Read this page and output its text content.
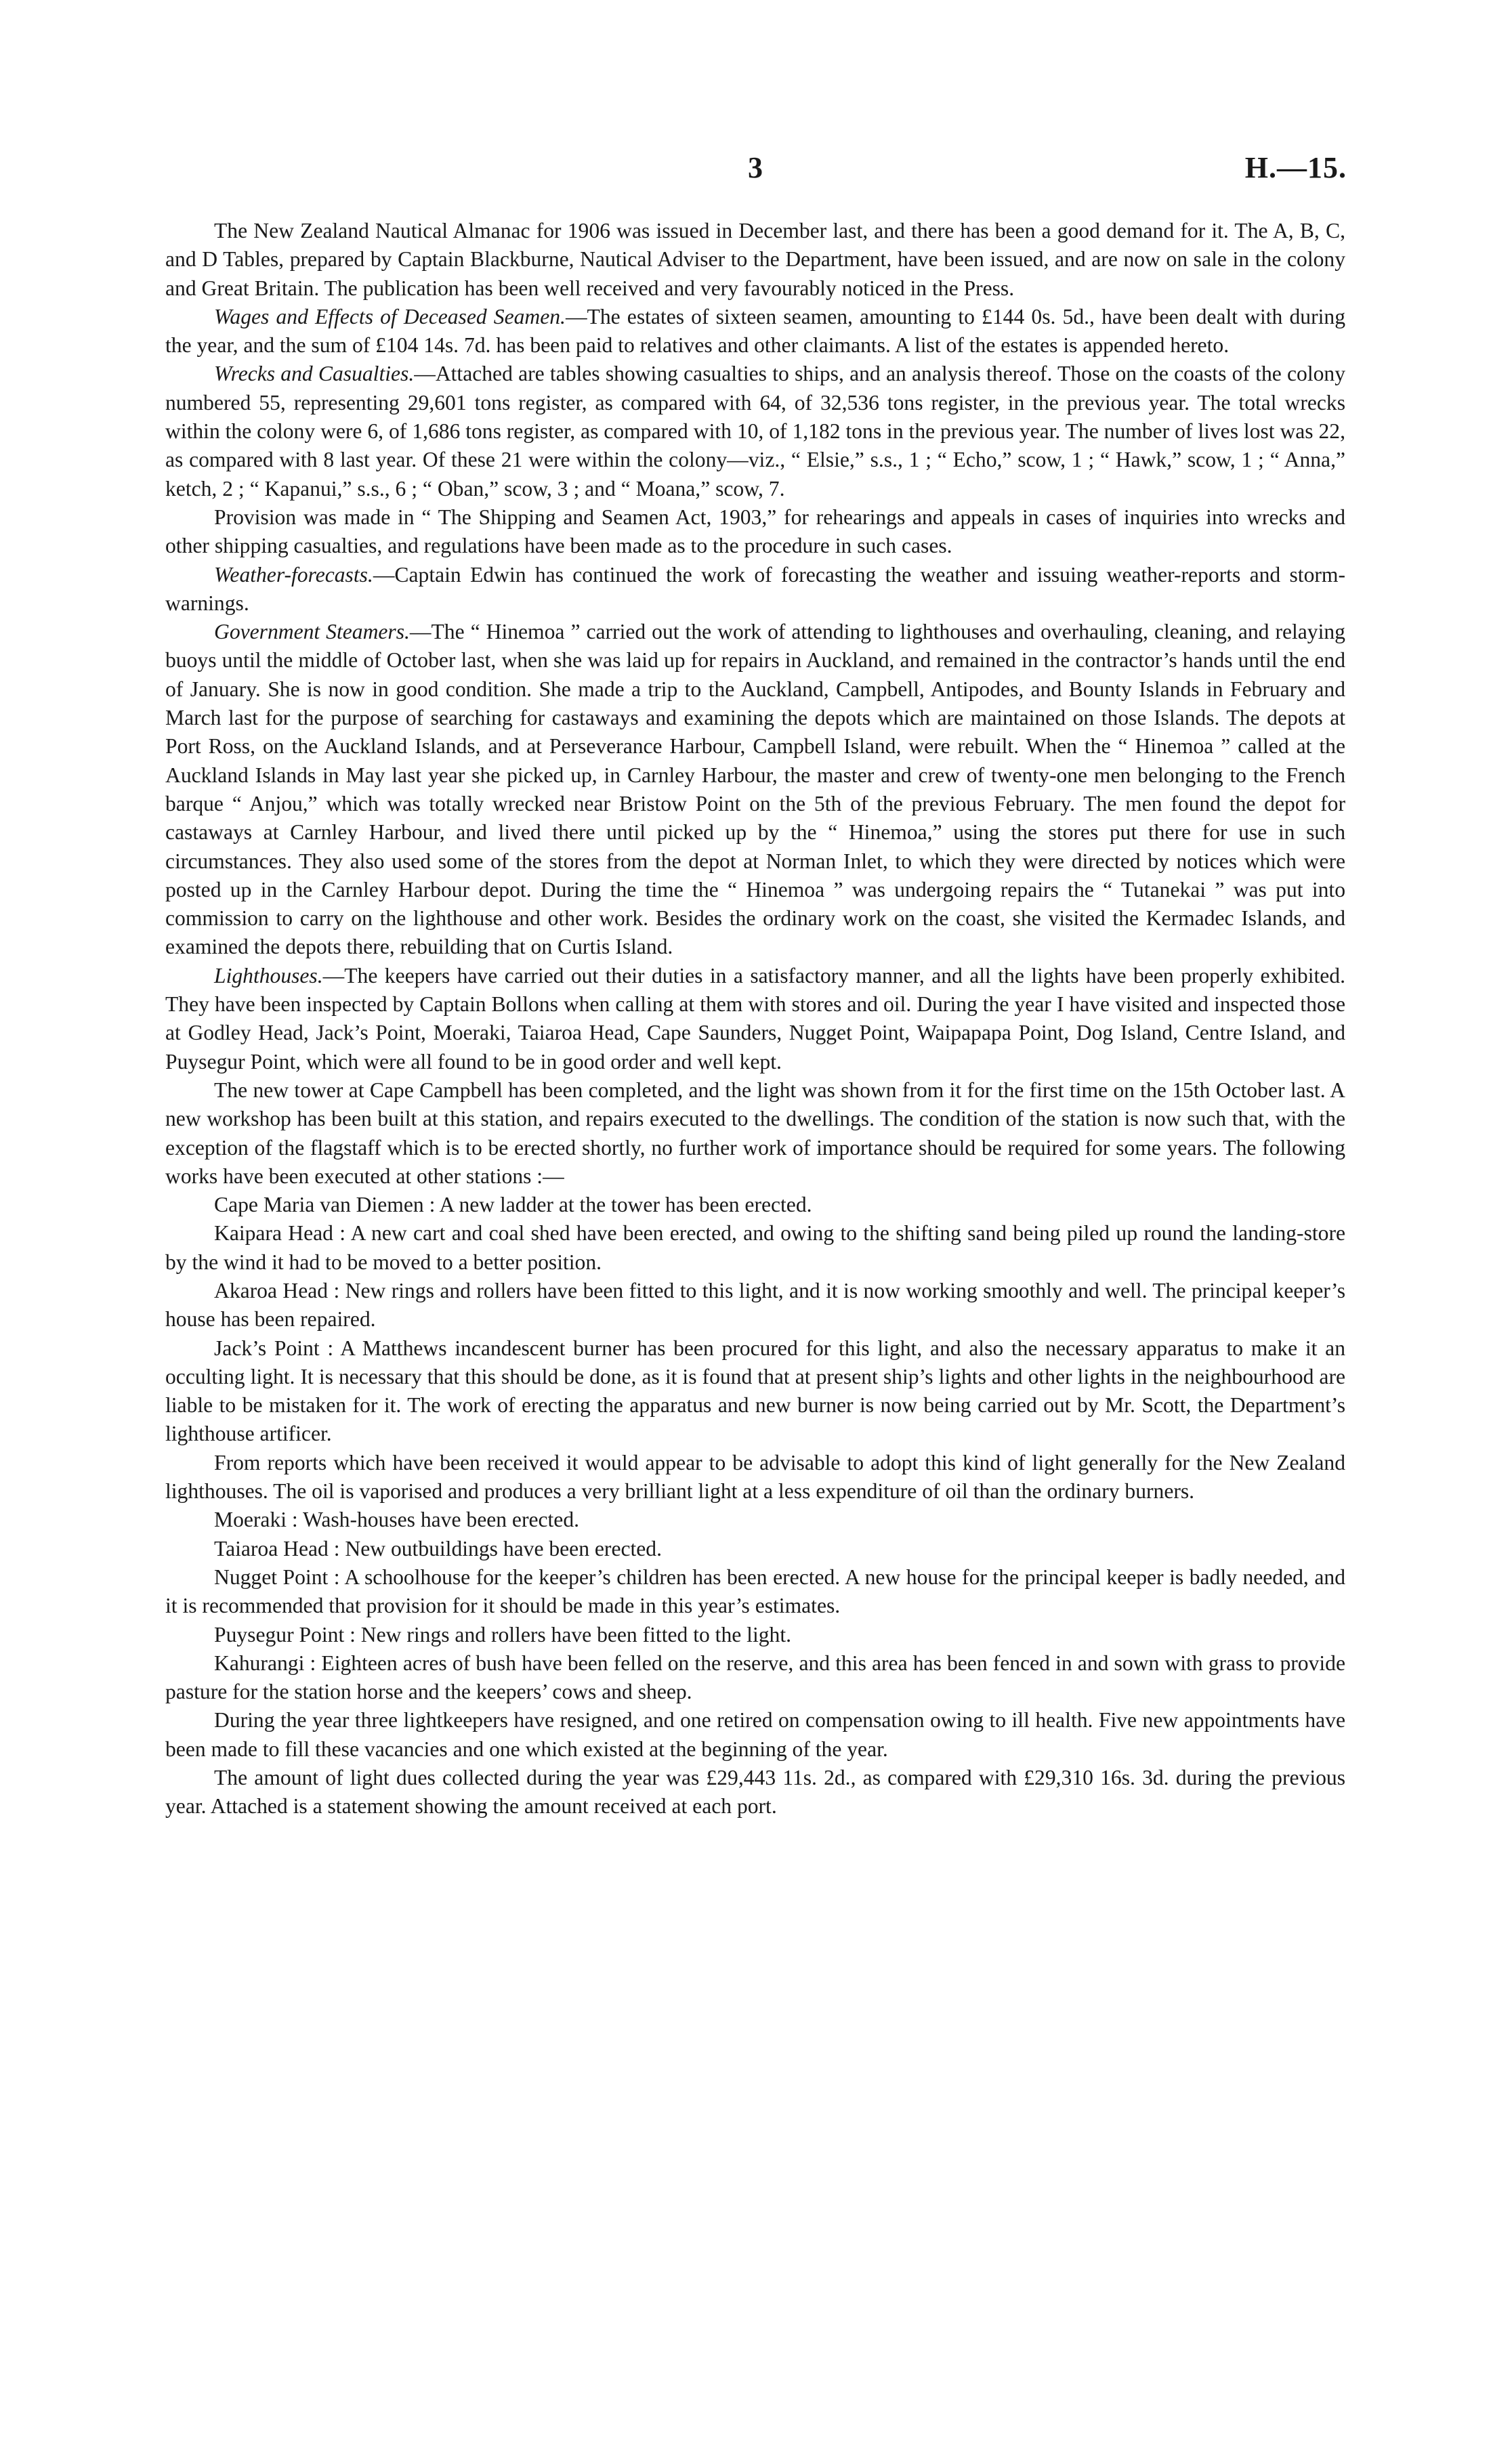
3	H.—15.

The New Zealand Nautical Almanac for 1906 was issued in December last, and there has been a good demand for it. The A, B, C, and D Tables, prepared by Captain Blackburne, Nautical Adviser to the Department, have been issued, and are now on sale in the colony and Great Britain. The publication has been well received and very favourably noticed in the Press.

Wages and Effects of Deceased Seamen.—The estates of sixteen seamen, amounting to £144 0s. 5d., have been dealt with during the year, and the sum of £104 14s. 7d. has been paid to relatives and other claimants. A list of the estates is appended hereto.

Wrecks and Casualties.—Attached are tables showing casualties to ships, and an analysis thereof. Those on the coasts of the colony numbered 55, representing 29,601 tons register, as compared with 64, of 32,536 tons register, in the previous year. The total wrecks within the colony were 6, of 1,686 tons register, as compared with 10, of 1,182 tons in the previous year. The number of lives lost was 22, as compared with 8 last year. Of these 21 were within the colony—viz., “ Elsie,” s.s., 1 ; “ Echo,” scow, 1 ; “ Hawk,” scow, 1 ; “ Anna,” ketch, 2 ; “ Kapanui,” s.s., 6 ; “ Oban,” scow, 3 ; and “ Moana,” scow, 7.

Provision was made in “ The Shipping and Seamen Act, 1903,” for rehearings and appeals in cases of inquiries into wrecks and other shipping casualties, and regulations have been made as to the procedure in such cases.

Weather-forecasts.—Captain Edwin has continued the work of forecasting the weather and issuing weather-reports and storm-warnings.

Government Steamers.—The “ Hinemoa ” carried out the work of attending to lighthouses and overhauling, cleaning, and relaying buoys until the middle of October last, when she was laid up for repairs in Auckland, and remained in the contractor’s hands until the end of January. She is now in good condition. She made a trip to the Auckland, Campbell, Antipodes, and Bounty Islands in February and March last for the purpose of searching for castaways and examining the depots which are maintained on those Islands. The depots at Port Ross, on the Auckland Islands, and at Perseverance Harbour, Campbell Island, were rebuilt. When the “ Hinemoa ” called at the Auckland Islands in May last year she picked up, in Carnley Harbour, the master and crew of twenty-one men belonging to the French barque “ Anjou,” which was totally wrecked near Bristow Point on the 5th of the previous February. The men found the depot for castaways at Carnley Harbour, and lived there until picked up by the “ Hinemoa,” using the stores put there for use in such circumstances. They also used some of the stores from the depot at Norman Inlet, to which they were directed by notices which were posted up in the Carnley Harbour depot. During the time the “ Hinemoa ” was undergoing repairs the “ Tutanekai ” was put into commission to carry on the lighthouse and other work. Besides the ordinary work on the coast, she visited the Kermadec Islands, and examined the depots there, rebuilding that on Curtis Island.

Lighthouses.—The keepers have carried out their duties in a satisfactory manner, and all the lights have been properly exhibited. They have been inspected by Captain Bollons when calling at them with stores and oil. During the year I have visited and inspected those at Godley Head, Jack’s Point, Moeraki, Taiaroa Head, Cape Saunders, Nugget Point, Waipapapa Point, Dog Island, Centre Island, and Puysegur Point, which were all found to be in good order and well kept.

The new tower at Cape Campbell has been completed, and the light was shown from it for the first time on the 15th October last. A new workshop has been built at this station, and repairs executed to the dwellings. The condition of the station is now such that, with the exception of the flagstaff which is to be erected shortly, no further work of importance should be required for some years. The following works have been executed at other stations :—

Cape Maria van Diemen : A new ladder at the tower has been erected.

Kaipara Head : A new cart and coal shed have been erected, and owing to the shifting sand being piled up round the landing-store by the wind it had to be moved to a better position.

Akaroa Head : New rings and rollers have been fitted to this light, and it is now working smoothly and well. The principal keeper’s house has been repaired.

Jack’s Point : A Matthews incandescent burner has been procured for this light, and also the necessary apparatus to make it an occulting light. It is necessary that this should be done, as it is found that at present ship’s lights and other lights in the neighbourhood are liable to be mistaken for it. The work of erecting the apparatus and new burner is now being carried out by Mr. Scott, the Department’s lighthouse artificer.

From reports which have been received it would appear to be advisable to adopt this kind of light generally for the New Zealand lighthouses. The oil is vaporised and produces a very brilliant light at a less expenditure of oil than the ordinary burners.

Moeraki : Wash-houses have been erected.

Taiaroa Head : New outbuildings have been erected.

Nugget Point : A schoolhouse for the keeper’s children has been erected. A new house for the principal keeper is badly needed, and it is recommended that provision for it should be made in this year’s estimates.

Puysegur Point : New rings and rollers have been fitted to the light.

Kahurangi : Eighteen acres of bush have been felled on the reserve, and this area has been fenced in and sown with grass to provide pasture for the station horse and the keepers’ cows and sheep.

During the year three lightkeepers have resigned, and one retired on compensation owing to ill health. Five new appointments have been made to fill these vacancies and one which existed at the beginning of the year.

The amount of light dues collected during the year was £29,443 11s. 2d., as compared with £29,310 16s. 3d. during the previous year. Attached is a statement showing the amount received at each port.
